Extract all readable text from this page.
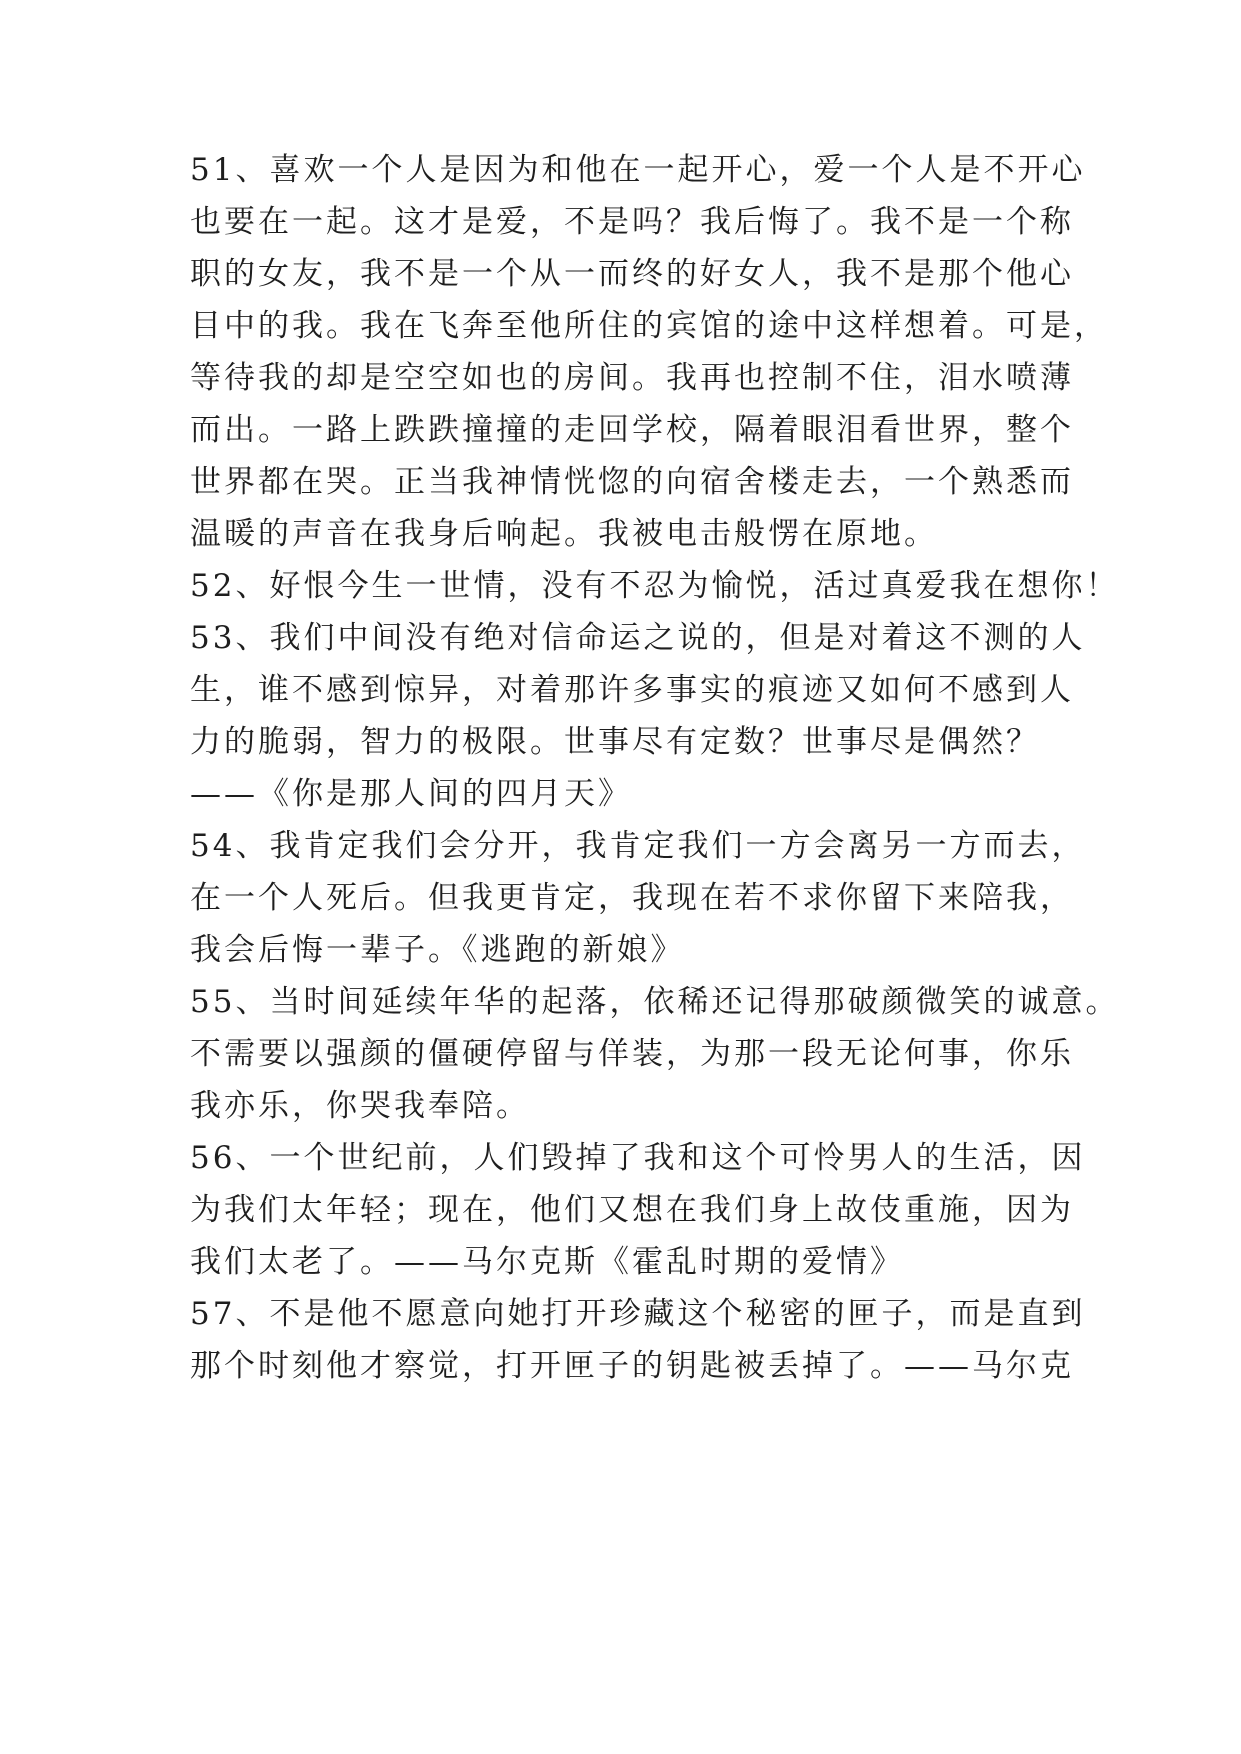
51、喜欢一个人是因为和他在一起开心，爱一个人是不开心
也要在一起。这才是爱，不是吗？我后悔了。我不是一个称
职的女友，我不是一个从一而终的好女人，我不是那个他心
目中的我。我在飞奔至他所住的宾馆的途中这样想着。可是，
等待我的却是空空如也的房间。我再也控制不住，泪水喷薄
而出。一路上跌跌撞撞的走回学校，隔着眼泪看世界，整个
世界都在哭。正当我神情恍惚的向宿舍楼走去，一个熟悉而
温暖的声音在我身后响起。我被电击般愣在原地。
52、好恨今生一世情，没有不忍为愉悦，活过真爱我在想你！
53、我们中间没有绝对信命运之说的，但是对着这不测的人
生，谁不感到惊异，对着那许多事实的痕迹又如何不感到人
力的脆弱，智力的极限。世事尽有定数？世事尽是偶然？
——《你是那人间的四月天》
54、我肯定我们会分开，我肯定我们一方会离另一方而去，
在一个人死后。但我更肯定，我现在若不求你留下来陪我，
我会后悔一辈子。《逃跑的新娘》
55、当时间延续年华的起落，依稀还记得那破颜微笑的诚意。
不需要以强颜的僵硬停留与佯装，为那一段无论何事，你乐
我亦乐，你哭我奉陪。
56、一个世纪前，人们毁掉了我和这个可怜男人的生活，因
为我们太年轻；现在，他们又想在我们身上故伎重施，因为
我们太老了。——马尔克斯《霍乱时期的爱情》
57、不是他不愿意向她打开珍藏这个秘密的匣子，而是直到
那个时刻他才察觉，打开匣子的钥匙被丢掉了。——马尔克
